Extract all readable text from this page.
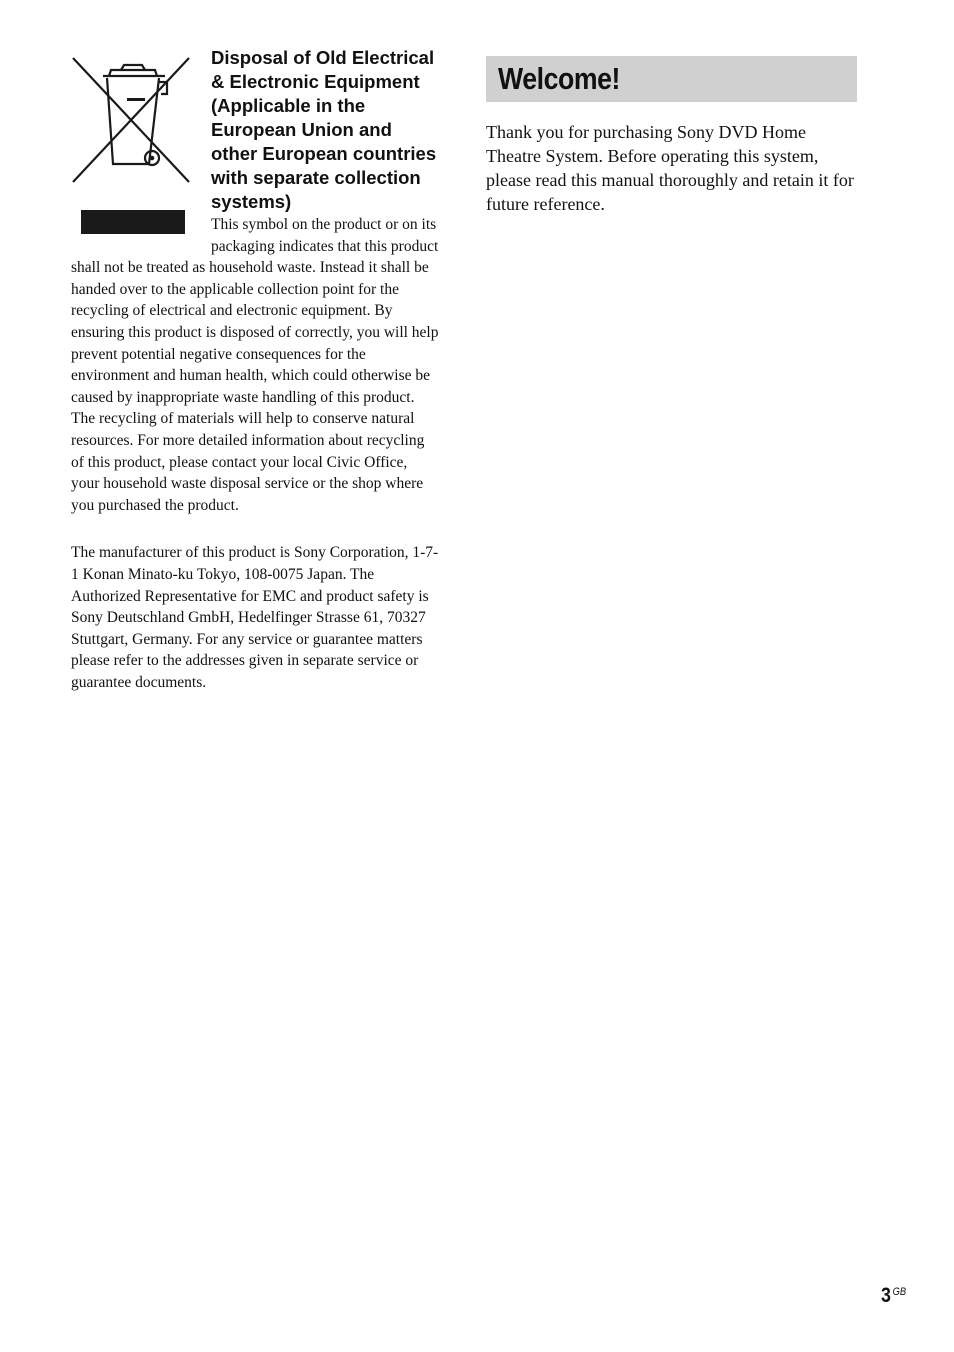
Disposal of Old Electrical & Electronic Equipment (Applicable in the European Union and other European countries with separate collection systems)

This symbol on the product or on its packaging indicates that this product shall not be treated as household waste. Instead it shall be handed over to the applicable collection point for the recycling of electrical and electronic equipment. By ensuring this product is disposed of correctly, you will help prevent potential negative consequences for the environment and human health, which could otherwise be caused by inappropriate waste handling of this product. The recycling of materials will help to conserve natural resources. For more detailed information about recycling of this product, please contact your local Civic Office, your household waste disposal service or the shop where you purchased the product.

The manufacturer of this product is Sony Corporation, 1-7-1 Konan Minato-ku Tokyo, 108-0075 Japan. The Authorized Representative for EMC and product safety is Sony Deutschland GmbH, Hedelfinger Strasse 61, 70327 Stuttgart, Germany. For any service or guarantee matters please refer to the addresses given in separate service or guarantee documents.

Welcome!

Thank you for purchasing Sony DVD Home Theatre System. Before operating this system, please read this manual thoroughly and retain it for future reference.

3 $^{GB}$
